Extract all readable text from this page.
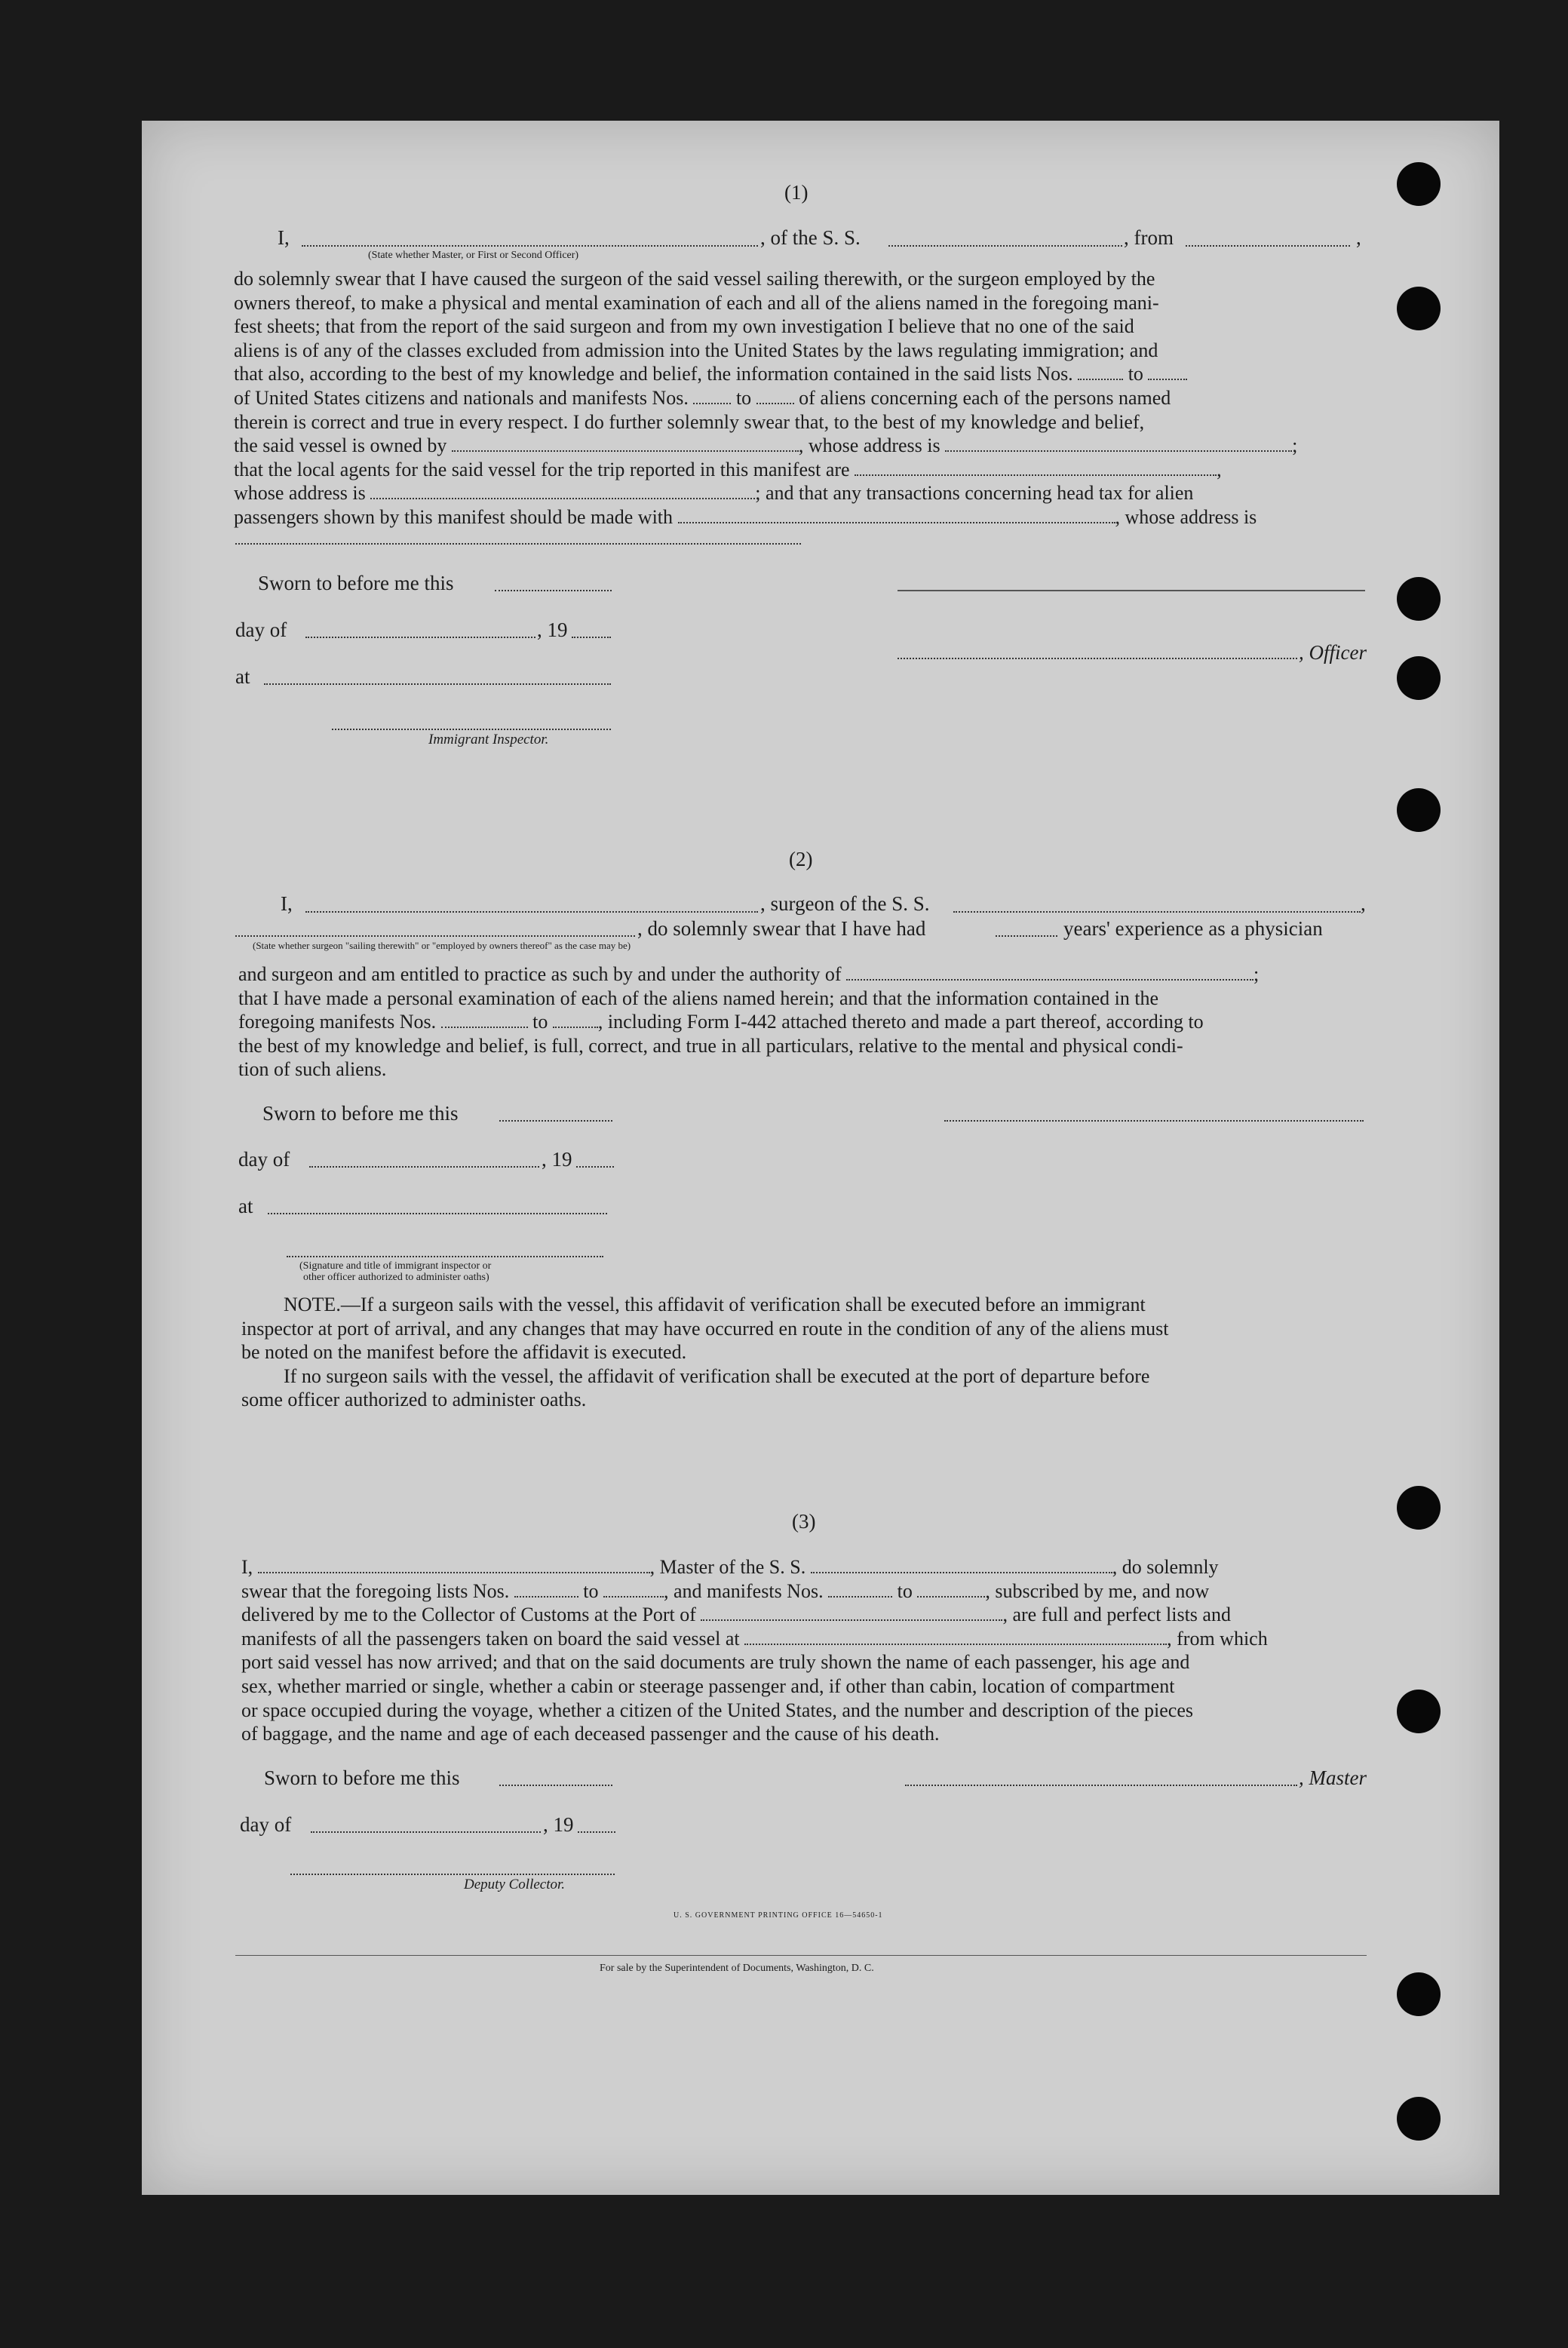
(1)
I,	, of the S. S.	, from	,
(State whether Master, or First or Second Officer)
do solemnly swear that I have caused the surgeon of the said vessel sailing therewith, or the surgeon employed by the
owners thereof, to make a physical and mental examination of each and all of the aliens named in the foregoing mani-
fest sheets; that from the report of the said surgeon and from my own investigation I believe that no one of the said
aliens is of any of the classes excluded from admission into the United States by the laws regulating immigration; and
that also, according to the best of my knowledge and belief, the information contained in the said lists Nos.	to
of United States citizens and nationals and manifests Nos. to of aliens concerning each of the persons named
therein is correct and true in every respect. I do further solemnly swear that, to the best of my knowledge and belief,
the said vessel is owned by	, whose address is	;
that the local agents for the said vessel for the trip reported in this manifest are	,
whose address is	; and that any transactions concerning head tax for alien
passengers shown by this manifest should be made with	, whose address is
Sworn to before me this
day of	, 19
, Officer
at
Immigrant Inspector.
(2)
I,	, surgeon of the S. S.	,
, do solemnly swear that I have had	years' experience as a physician
(State whether surgeon "sailing therewith" or "employed by owners thereof" as the case may be)
and surgeon and am entitled to practice as such by and under the authority of	;
that I have made a personal examination of each of the aliens named herein; and that the information contained in the
foregoing manifests Nos.	to	, including Form I-442 attached thereto and made a part thereof, according to
the best of my knowledge and belief, is full, correct, and true in all particulars, relative to the mental and physical condi-
tion of such aliens.
Sworn to before me this
day of	, 19
at
(Signature and title of immigrant inspector or
other officer authorized to administer oaths)
NOTE.—If a surgeon sails with the vessel, this affidavit of verification shall be executed before an immigrant
inspector at port of arrival, and any changes that may have occurred en route in the condition of any of the aliens must
be noted on the manifest before the affidavit is executed.
If no surgeon sails with the vessel, the affidavit of verification shall be executed at the port of departure before
some officer authorized to administer oaths.
(3)
I,	, Master of the S. S.	, do solemnly
swear that the foregoing lists Nos.	to	, and manifests Nos.	to	, subscribed by me, and now
delivered by me to the Collector of Customs at the Port of	, are full and perfect lists and
manifests of all the passengers taken on board the said vessel at	, from which
port said vessel has now arrived; and that on the said documents are truly shown the name of each passenger, his age and
sex, whether married or single, whether a cabin or steerage passenger and, if other than cabin, location of compartment
or space occupied during the voyage, whether a citizen of the United States, and the number and description of the pieces
of baggage, and the name and age of each deceased passenger and the cause of his death.
Sworn to before me this	, Master
day of	, 19
Deputy Collector.
U. S. GOVERNMENT PRINTING OFFICE 16—54650-1
For sale by the Superintendent of Documents, Washington, D. C.
